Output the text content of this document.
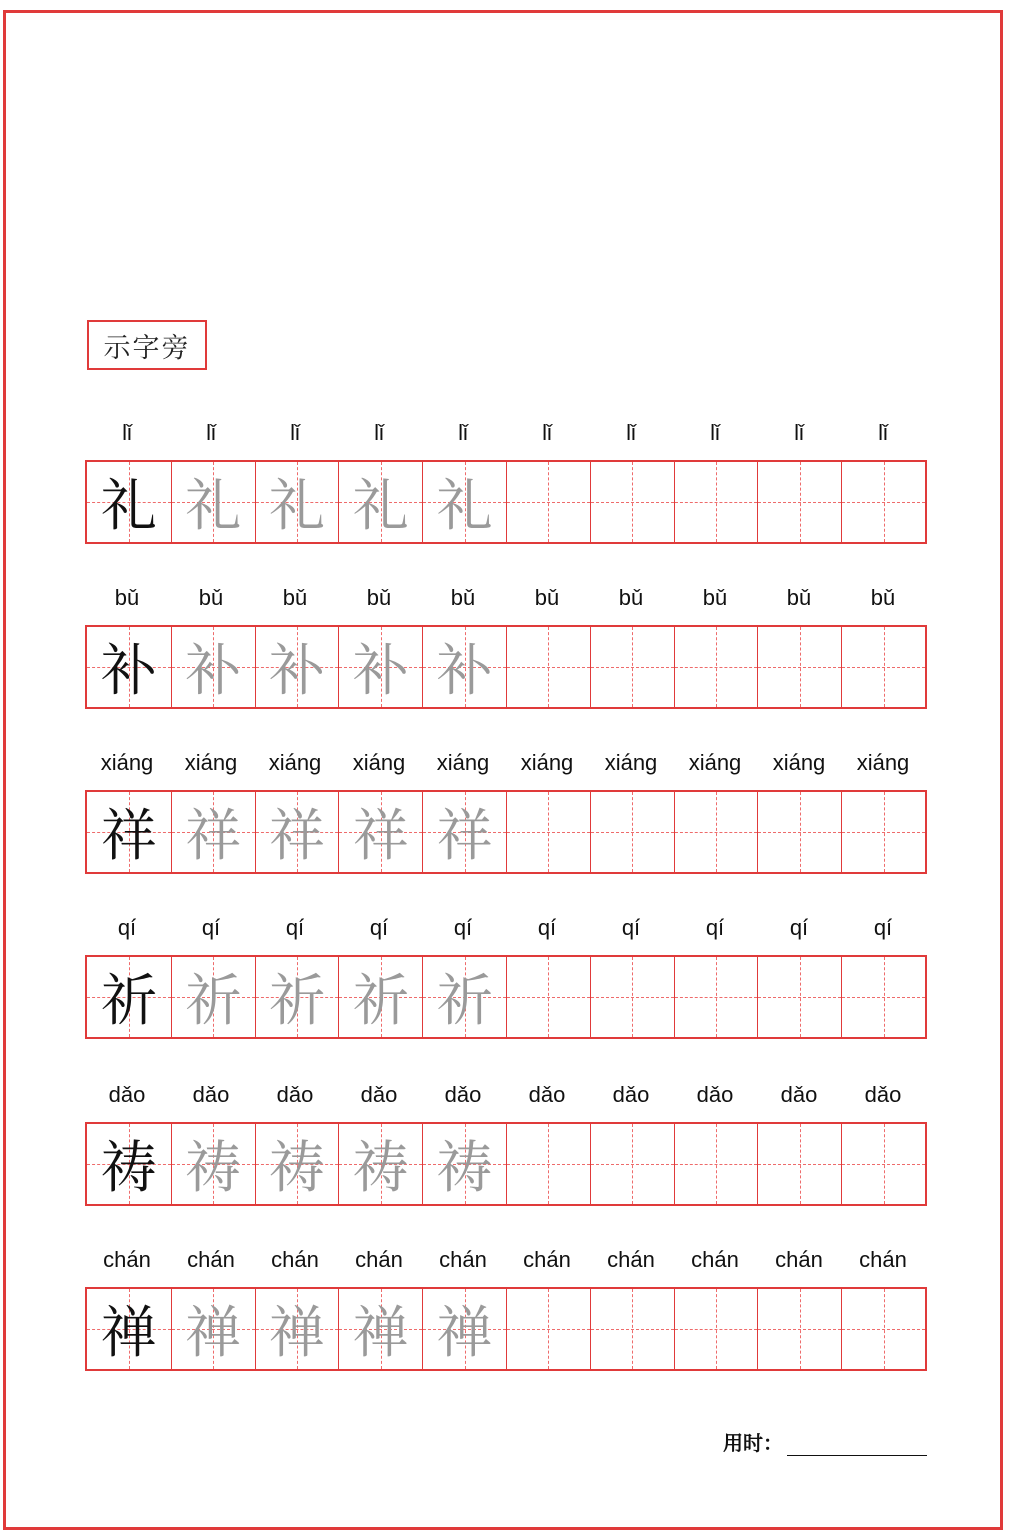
示字旁
lǐ	lǐ	lǐ	lǐ	lǐ	lǐ	lǐ	lǐ	lǐ	lǐ
礼 礼 礼 礼 礼
bǔ	bǔ	bǔ	bǔ	bǔ	bǔ	bǔ	bǔ	bǔ	bǔ
补 补 补 补 补
xiáng	xiáng	xiáng	xiáng	xiáng	xiáng	xiáng	xiáng	xiáng	xiáng
祥 祥 祥 祥 祥
qí	qí	qí	qí	qí	qí	qí	qí	qí	qí
祈 祈 祈 祈 祈
dǎo	dǎo	dǎo	dǎo	dǎo	dǎo	dǎo	dǎo	dǎo	dǎo
祷 祷 祷 祷 祷
chán	chán	chán	chán	chán	chán	chán	chán	chán	chán
禅 禅 禅 禅 禅
用时：
